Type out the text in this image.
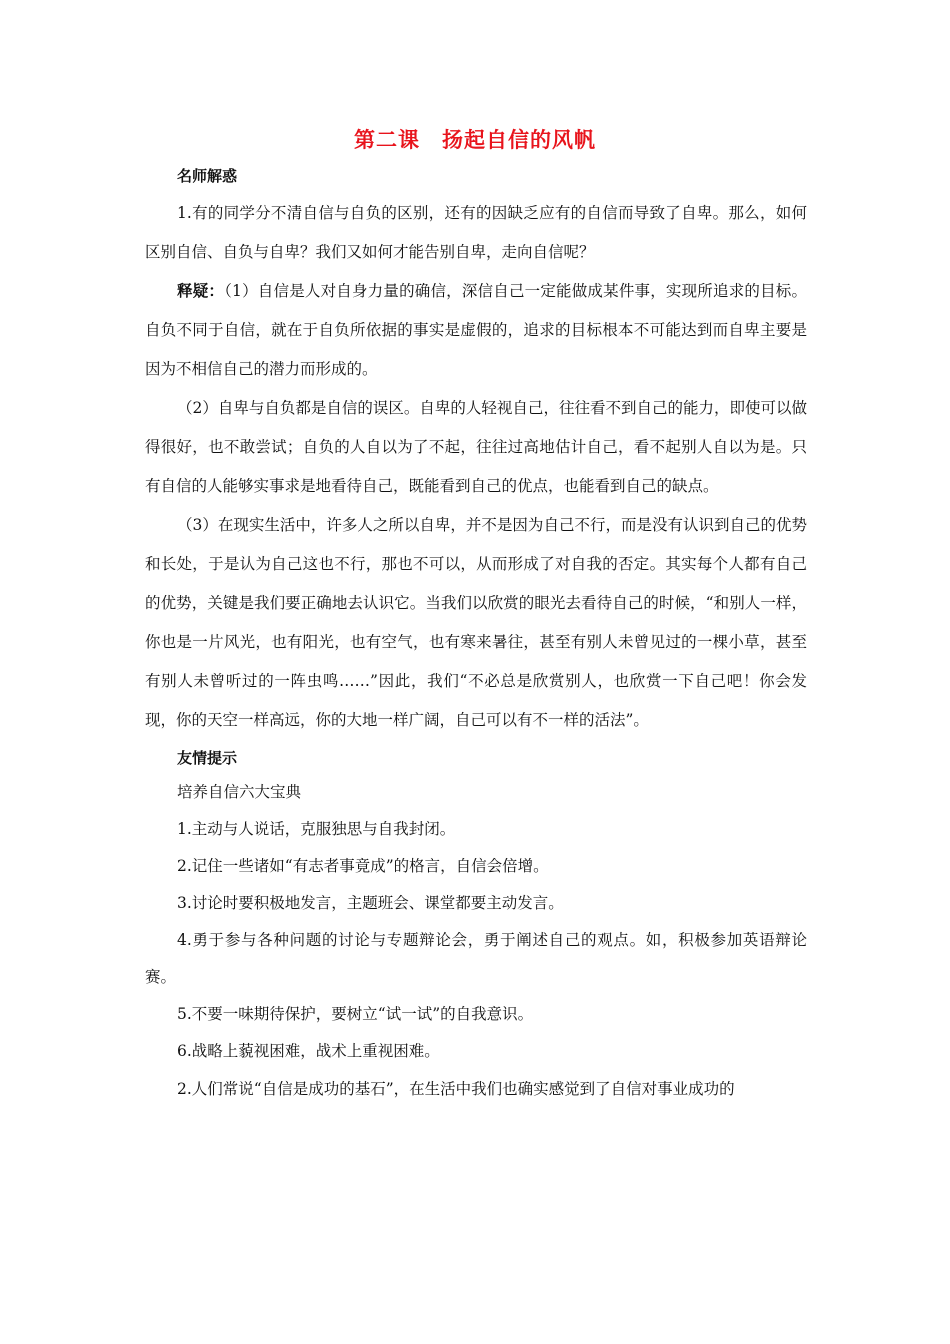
第二课　扬起自信的风帆

名师解惑

1.有的同学分不清自信与自负的区别，还有的因缺乏应有的自信而导致了自卑。那么，如何区别自信、自负与自卑？我们又如何才能告别自卑，走向自信呢？

释疑：（1）自信是人对自身力量的确信，深信自己一定能做成某件事，实现所追求的目标。自负不同于自信，就在于自负所依据的事实是虚假的，追求的目标根本不可能达到而自卑主要是因为不相信自己的潜力而形成的。

（2）自卑与自负都是自信的误区。自卑的人轻视自己，往往看不到自己的能力，即使可以做得很好，也不敢尝试；自负的人自以为了不起，往往过高地估计自己，看不起别人自以为是。只有自信的人能够实事求是地看待自己，既能看到自己的优点，也能看到自己的缺点。

（3）在现实生活中，许多人之所以自卑，并不是因为自己不行，而是没有认识到自己的优势和长处，于是认为自己这也不行，那也不可以，从而形成了对自我的否定。其实每个人都有自己的优势，关键是我们要正确地去认识它。当我们以欣赏的眼光去看待自己的时候，“和别人一样，你也是一片风光，也有阳光，也有空气，也有寒来暑往，甚至有别人未曾见过的一棵小草，甚至有别人未曾听过的一阵虫鸣……”因此，我们“不必总是欣赏别人，也欣赏一下自己吧！你会发现，你的天空一样高远，你的大地一样广阔，自己可以有不一样的活法”。

友情提示

培养自信六大宝典

1.主动与人说话，克服独思与自我封闭。

2.记住一些诸如“有志者事竟成”的格言，自信会倍增。

3.讨论时要积极地发言，主题班会、课堂都要主动发言。

4.勇于参与各种问题的讨论与专题辩论会，勇于阐述自己的观点。如，积极参加英语辩论赛。

5.不要一味期待保护，要树立“试一试”的自我意识。

6.战略上藐视困难，战术上重视困难。

2.人们常说“自信是成功的基石”，在生活中我们也确实感觉到了自信对事业成功的
